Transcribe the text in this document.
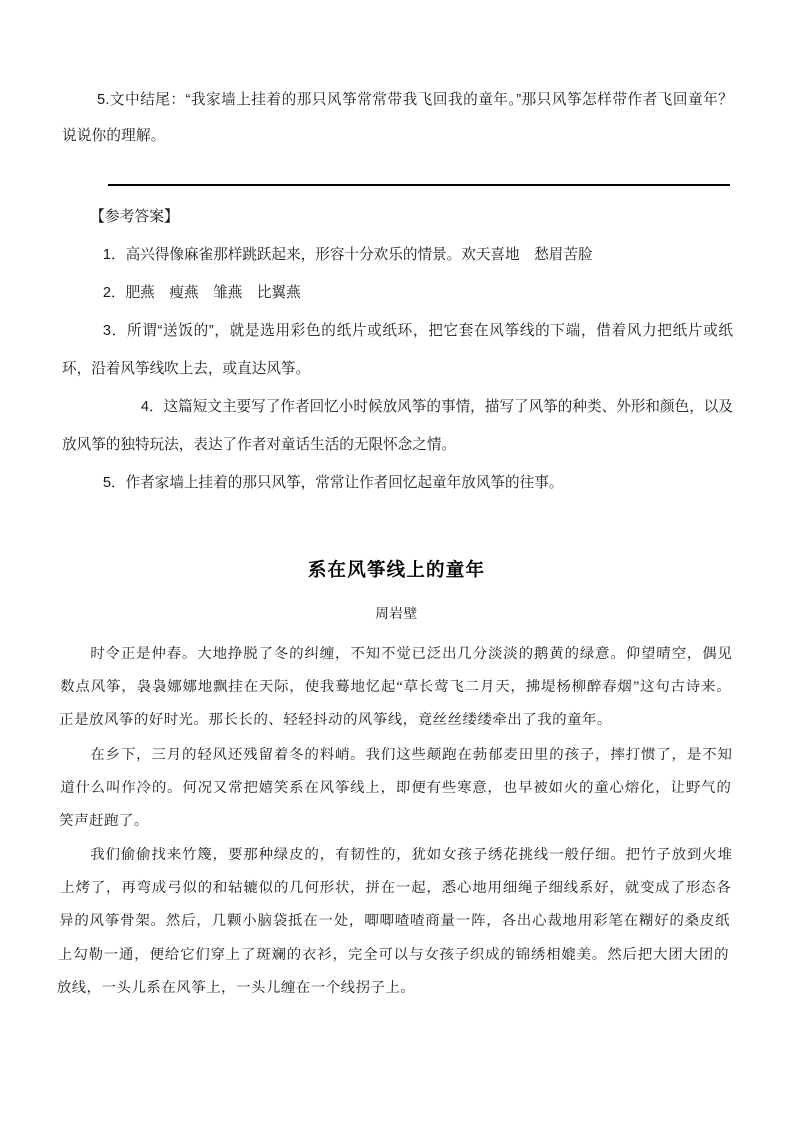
5.文中结尾：“我家墙上挂着的那只风筝常常带我飞回我的童年。”那只风筝怎样带作者飞回童年？说说你的理解。
【参考答案】
1．高兴得像麻雀那样跳跃起来，形容十分欢乐的情景。欢天喜地　愁眉苦脸
2．肥燕　瘦燕　雏燕　比翼燕
3．所谓“送饭的”，就是选用彩色的纸片或纸环，把它套在风筝线的下端，借着风力把纸片或纸环，沿着风筝线吹上去，或直达风筝。
4．这篇短文主要写了作者回忆小时候放风筝的事情，描写了风筝的种类、外形和颜色，以及放风筝的独特玩法，表达了作者对童话生活的无限怀念之情。
5．作者家墙上挂着的那只风筝，常常让作者回忆起童年放风筝的往事。
系在风筝线上的童年
周岩壁

时令正是仲春。大地挣脱了冬的纠缠，不知不觉已泛出几分淡淡的鹅黄的绿意。仰望晴空，偶见数点风筝，袅袅娜娜地飘挂在天际，使我蓦地忆起“草长莺飞二月天，拂堤杨柳醉春烟”这句古诗来。正是放风筝的好时光。那长长的、轻轻抖动的风筝线，竟丝丝缕缕牵出了我的童年。

在乡下，三月的轻风还残留着冬的料峭。我们这些颠跑在葧郁麦田里的孩子，摔打惯了，是不知道什么叫作冷的。何况又常把嬉笑系在风筝线上，即便有些寒意，也早被如火的童心熔化，让野气的笑声赶跑了。

我们偷偷找来竹篾，要那种绿皮的，有韧性的，犹如女孩子绣花挑线一般仔细。把竹子放到火堆上烤了，再弯成弓似的和轱辘似的几何形状，拼在一起，悉心地用细绳子细线系好，就变成了形态各异的风筝骨架。然后，几颗小脑袋抵在一处，唧唧喳喳商量一阵，各出心裁地用彩笔在糊好的桑皮纸上勾勒一通，便给它们穿上了斑斓的衣衫，完全可以与女孩子织成的锦绣相媲美。然后把大团大团的放线，一头儿系在风筝上，一头儿缠在一个线拐子上。
